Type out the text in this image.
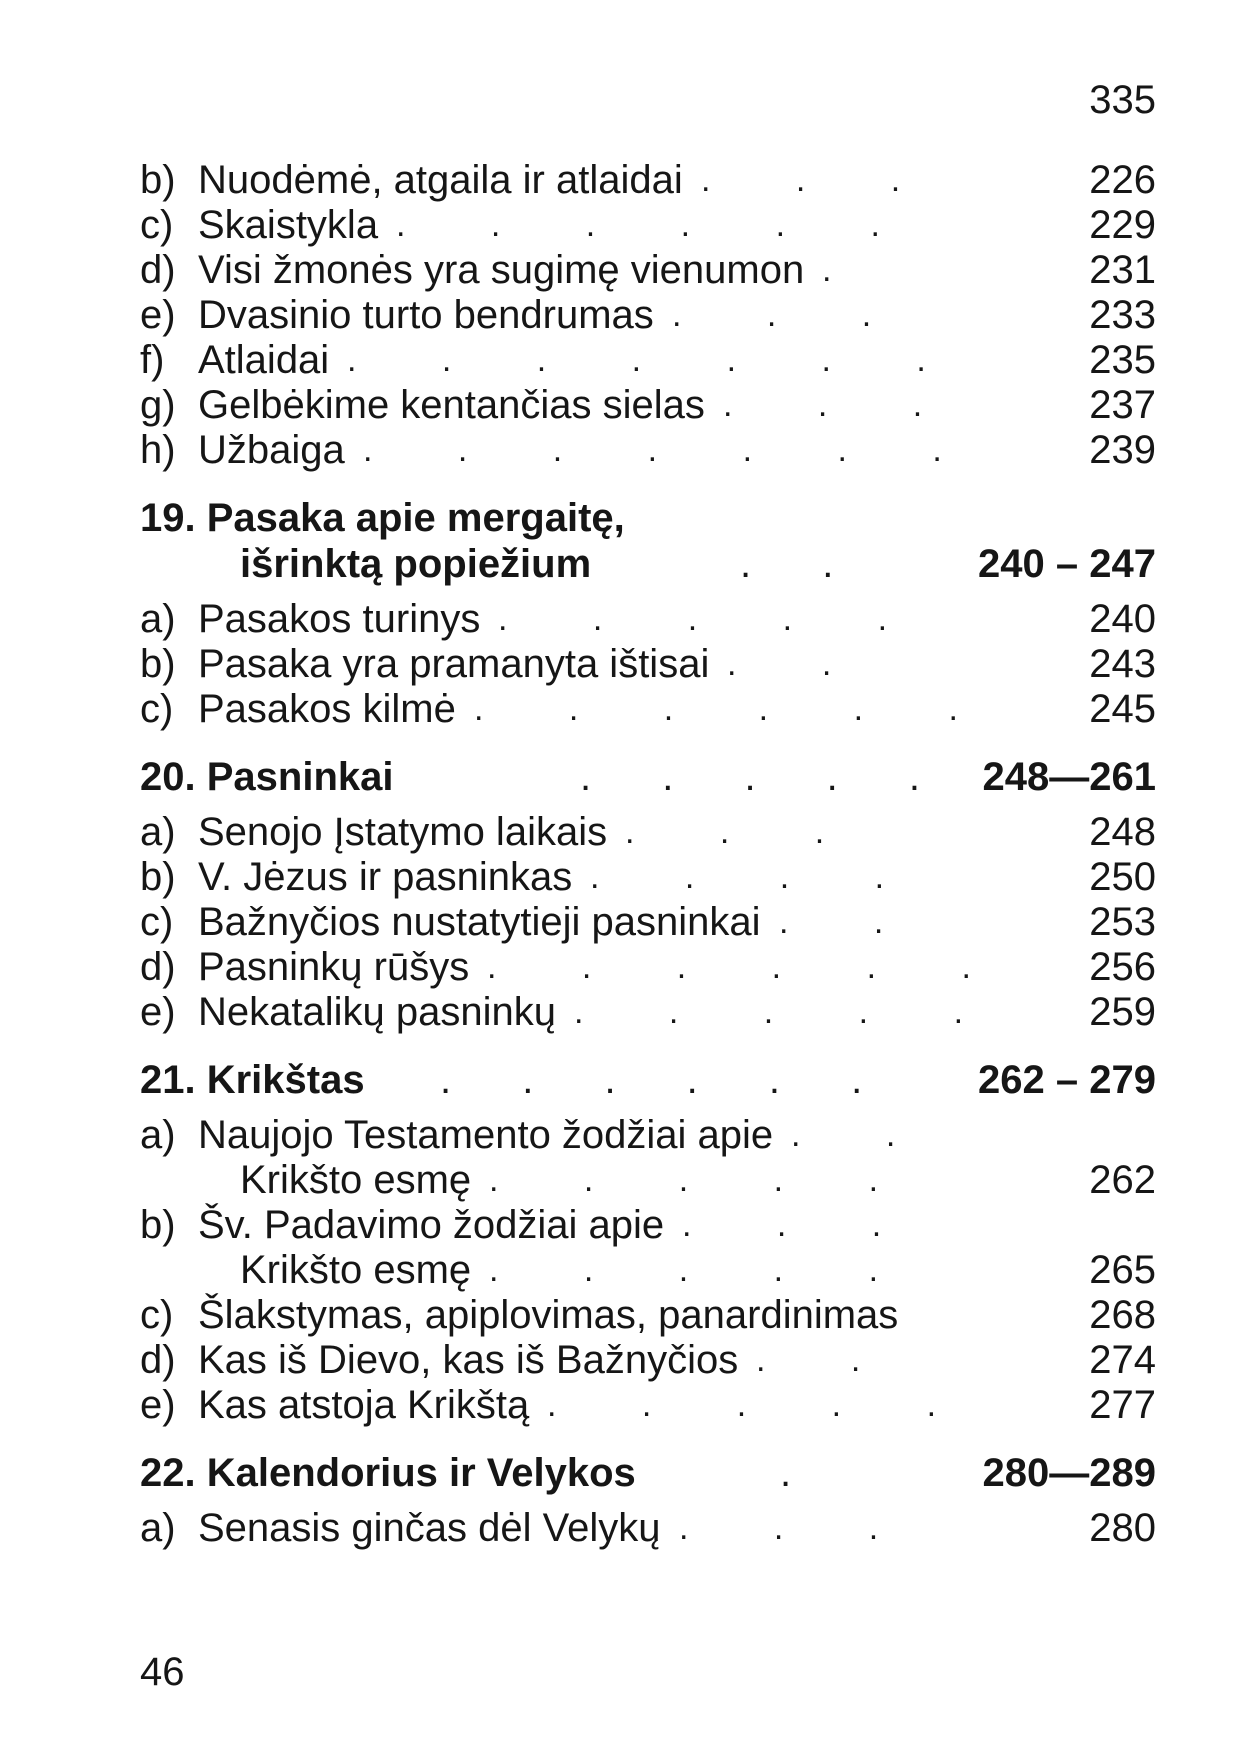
335
b) Nuodėmė, atgaila ir atlaidai . . .	226
c) Skaistykla . . . . . .	229
d) Visi žmonės yra sugimę vienumon .	231
e) Dvasinio turto bendrumas . . .	233
f) Atlaidai . . . . . . .	235
g) Gelbėkime kentančias sielas . . .	237
h) Užbaiga . . . . . . .	239
19. Pasaka apie mergaitę,
išrinktą popiežium	. .	240 – 247
a) Pasakos turinys . . . . .	240
b) Pasaka yra pramanyta ištisai . .	243
c) Pasakos kilmė . . . . . . 245
20. Pasninkai	. . . . . 248—261
a) Senojo Įstatymo laikais . . .	248
b) V. Jėzus ir pasninkas . . . .	250
c) Bažnyčios nustatytieji pasninkai . .	253
d) Pasninkų rūšys . . . . . . 256
e) Nekatalikų pasninkų . . . . . 259
21. Krikštas . . . . . . 262 – 279
a) Naujojo Testamento žodžiai apie . .
Krikšto esmę . . . . .	262
b) Šv. Padavimo žodžiai apie . . .
Krikšto esmę . . . . .	265
c) Šlakstymas, apiplovimas, panardinimas	268
d) Kas iš Dievo, kas iš Bažnyčios . .	274
e) Kas atstoja Krikštą . . . . .	277
22. Kalendorius ir Velykos	.	280—289
a) Senasis ginčas dėl Velykų . . .	280
46
